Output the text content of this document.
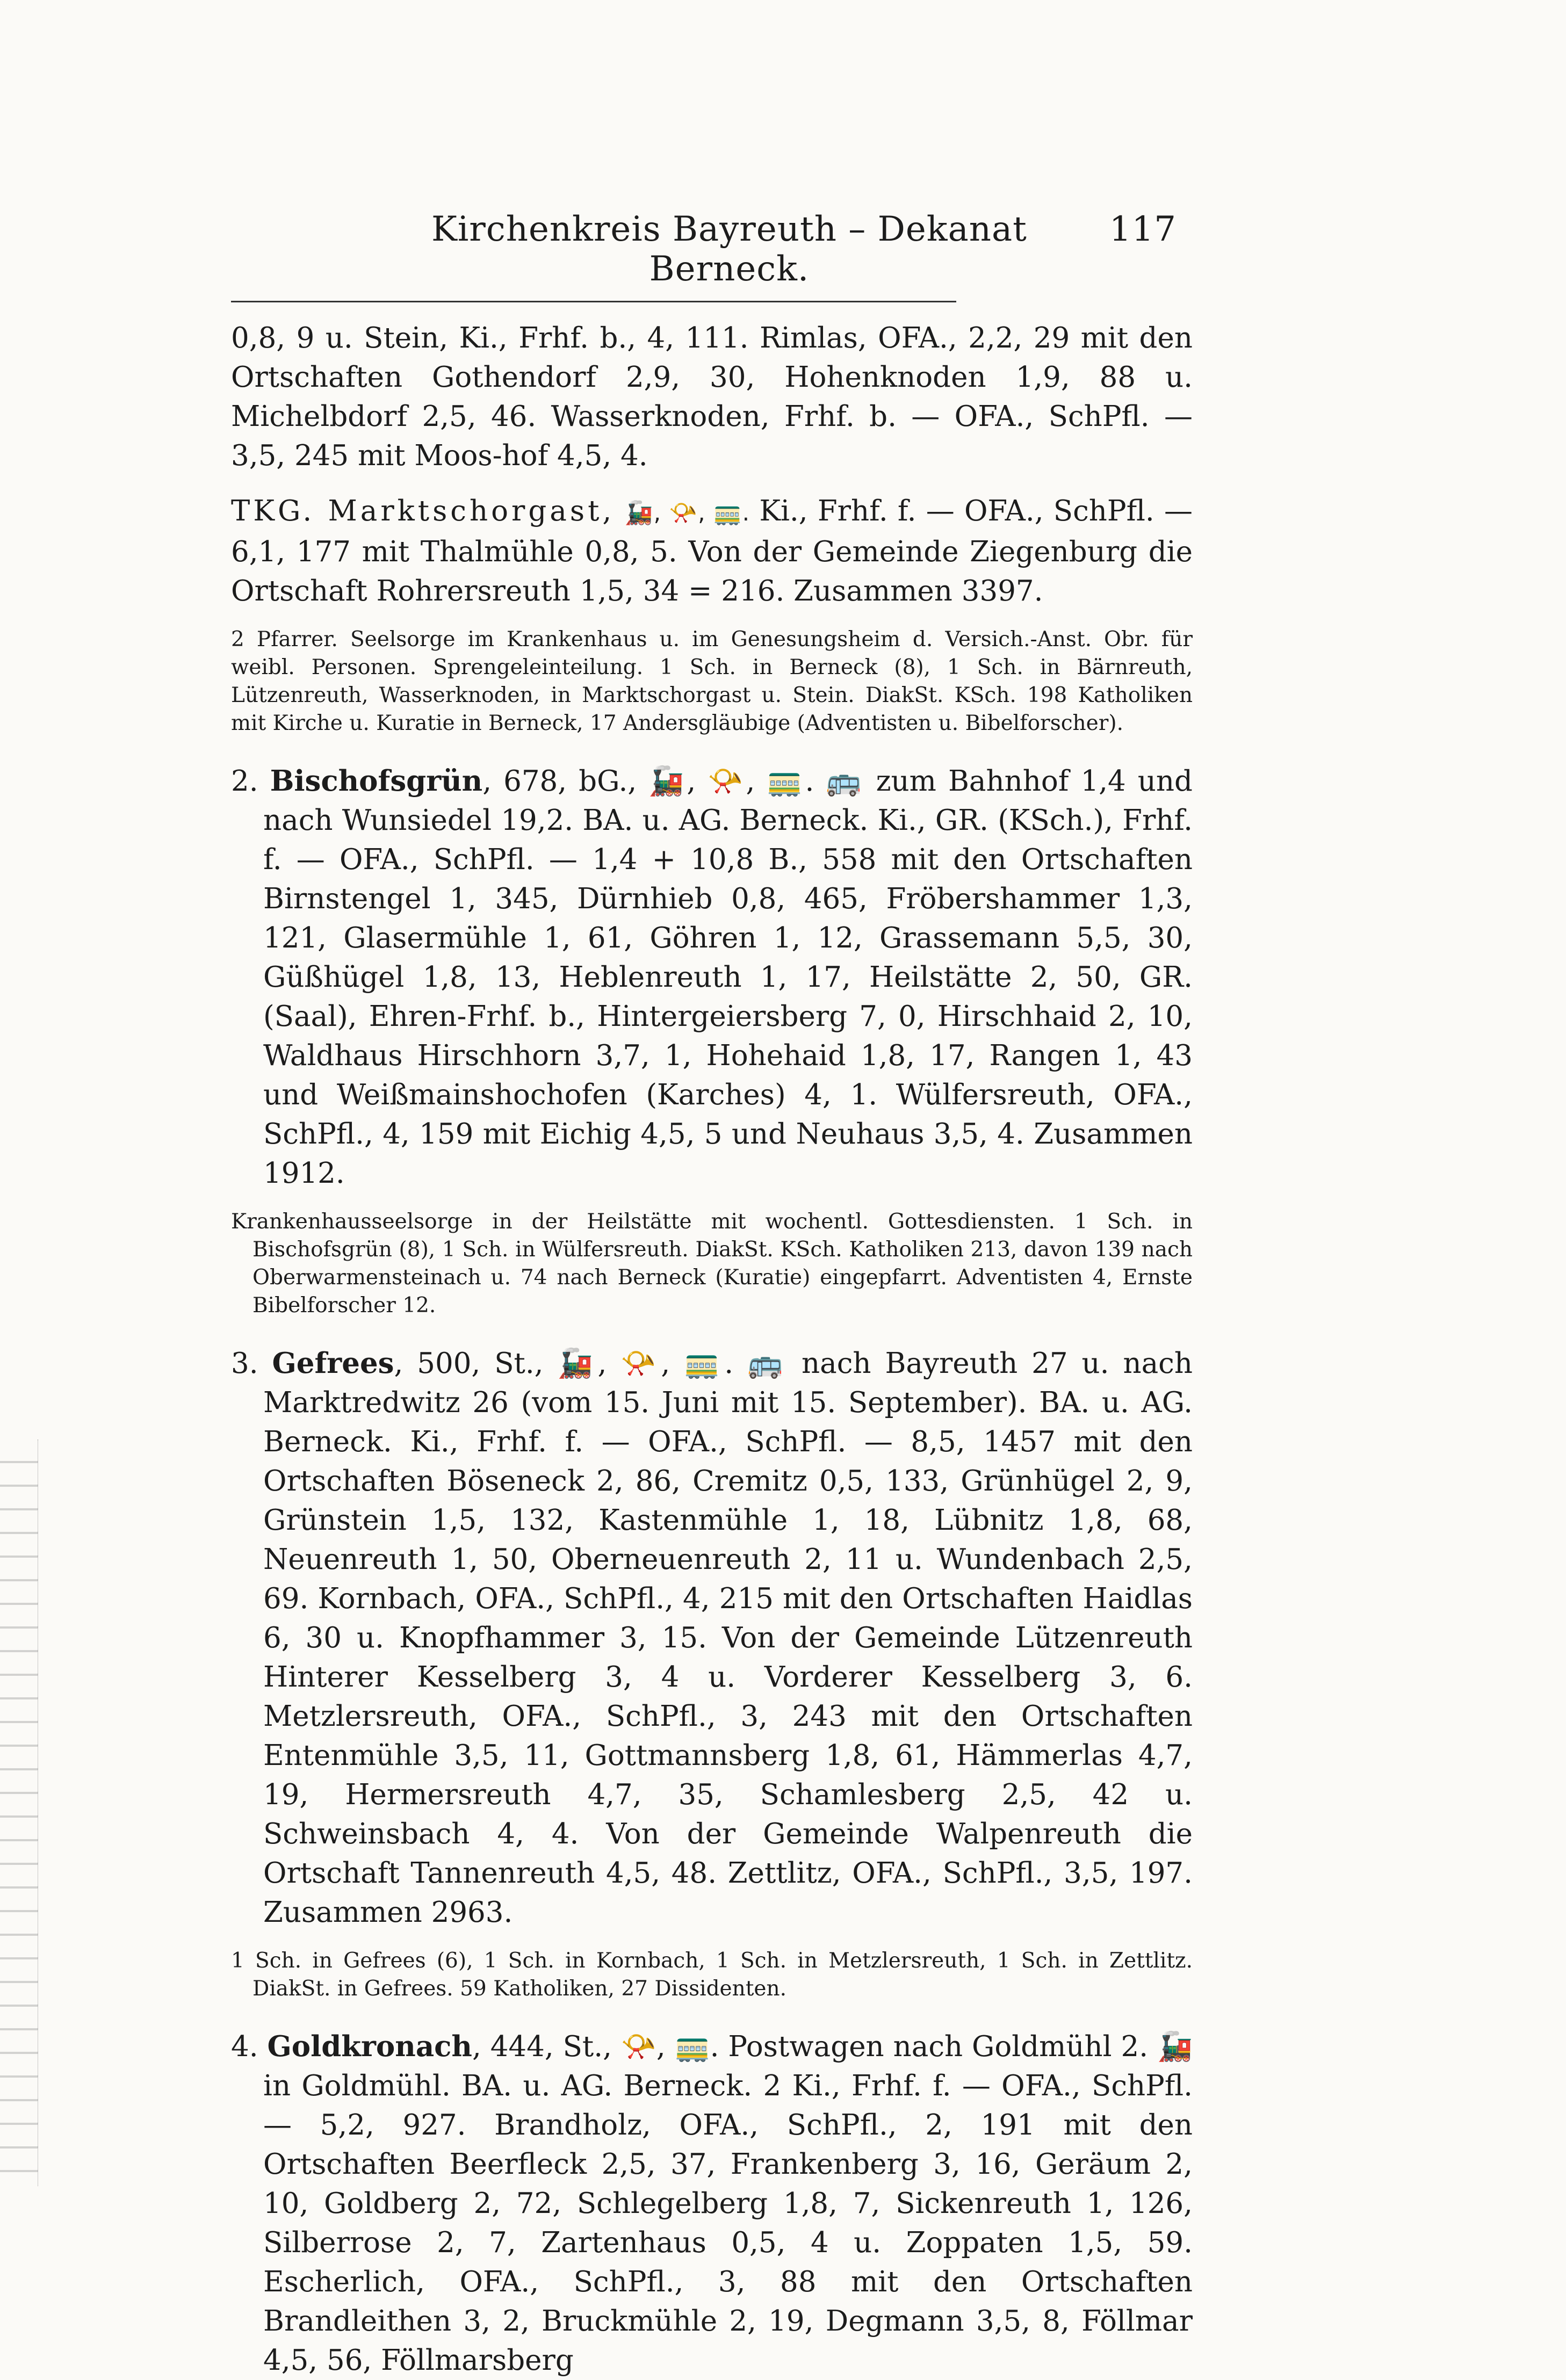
Kirchenkreis Bayreuth – Dekanat Berneck.
117

0,8, 9 u. Stein, Ki., Frhf. b., 4, 111. Rimlas, OFA., 2,2, 29 mit den Ortschaften Gothendorf 2,9, 30, Hohenknoden 1,9, 88 u. Michelbdorf 2,5, 46. Wasserknoden, Frhf. b. — OFA., SchPfl. — 3,5, 245 mit Moos-hof 4,5, 4.

TKG. Marktschorgast, 🚂, 📯, 🚃. Ki., Frhf. f. — OFA., SchPfl. — 6,1, 177 mit Thalmühle 0,8, 5. Von der Gemeinde Ziegenburg die Ortschaft Rohrersreuth 1,5, 34 = 216. Zusammen 3397.

2 Pfarrer. Seelsorge im Krankenhaus u. im Genesungsheim d. Versich.-Anst. Obr. für weibl. Personen. Sprengeleinteilung. 1 Sch. in Berneck (8), 1 Sch. in Bärnreuth, Lützenreuth, Wasserknoden, in Marktschorgast u. Stein. DiakSt. KSch. 198 Katholiken mit Kirche u. Kuratie in Berneck, 17 Andersgläubige (Adventisten u. Bibelforscher).

2. Bischofsgrün, 678, bG., 🚂, 📯, 🚃. 🚌 zum Bahnhof 1,4 und nach Wunsiedel 19,2. BA. u. AG. Berneck. Ki., GR. (KSch.), Frhf. f. — OFA., SchPfl. — 1,4 + 10,8 B., 558 mit den Ortschaften Birnstengel 1, 345, Dürnhieb 0,8, 465, Fröbershammer 1,3, 121, Glasermühle 1, 61, Göhren 1, 12, Grassemann 5,5, 30, Güßhügel 1,8, 13, Heblenreuth 1, 17, Heilstätte 2, 50, GR. (Saal), Ehren-Frhf. b., Hintergeiersberg 7, 0, Hirschhaid 2, 10, Waldhaus Hirschhorn 3,7, 1, Hohehaid 1,8, 17, Rangen 1, 43 und Weißmainshochofen (Karches) 4, 1. Wülfersreuth, OFA., SchPfl., 4, 159 mit Eichig 4,5, 5 und Neuhaus 3,5, 4. Zusammen 1912.

Krankenhausseelsorge in der Heilstätte mit wochentl. Gottesdiensten. 1 Sch. in Bischofsgrün (8), 1 Sch. in Wülfersreuth. DiakSt. KSch. Katholiken 213, davon 139 nach Oberwarmensteinach u. 74 nach Berneck (Kuratie) eingepfarrt. Adventisten 4, Ernste Bibelforscher 12.

3. Gefrees, 500, St., 🚂, 📯, 🚃. 🚌 nach Bayreuth 27 u. nach Marktredwitz 26 (vom 15. Juni mit 15. September). BA. u. AG. Berneck. Ki., Frhf. f. — OFA., SchPfl. — 8,5, 1457 mit den Ortschaften Böseneck 2, 86, Cremitz 0,5, 133, Grünhügel 2, 9, Grünstein 1,5, 132, Kastenmühle 1, 18, Lübnitz 1,8, 68, Neuenreuth 1, 50, Oberneuenreuth 2, 11 u. Wundenbach 2,5, 69. Kornbach, OFA., SchPfl., 4, 215 mit den Ortschaften Haidlas 6, 30 u. Knopfhammer 3, 15. Von der Gemeinde Lützenreuth Hinterer Kesselberg 3, 4 u. Vorderer Kesselberg 3, 6. Metzlersreuth, OFA., SchPfl., 3, 243 mit den Ortschaften Entenmühle 3,5, 11, Gottmannsberg 1,8, 61, Hämmerlas 4,7, 19, Hermersreuth 4,7, 35, Schamlesberg 2,5, 42 u. Schweinsbach 4, 4. Von der Gemeinde Walpenreuth die Ortschaft Tannenreuth 4,5, 48. Zettlitz, OFA., SchPfl., 3,5, 197. Zusammen 2963.

1 Sch. in Gefrees (6), 1 Sch. in Kornbach, 1 Sch. in Metzlersreuth, 1 Sch. in Zettlitz. DiakSt. in Gefrees. 59 Katholiken, 27 Dissidenten.

4. Goldkronach, 444, St., 📯, 🚃. Postwagen nach Goldmühl 2. 🚂 in Goldmühl. BA. u. AG. Berneck. 2 Ki., Frhf. f. — OFA., SchPfl. — 5,2, 927. Brandholz, OFA., SchPfl., 2, 191 mit den Ortschaften Beerfleck 2,5, 37, Frankenberg 3, 16, Geräum 2, 10, Goldberg 2, 72, Schlegelberg 1,8, 7, Sickenreuth 1, 126, Silberrose 2, 7, Zartenhaus 0,5, 4 u. Zoppaten 1,5, 59. Escherlich, OFA., SchPfl., 3, 88 mit den Ortschaften Brandleithen 3, 2, Bruckmühle 2, 19, Degmann 3,5, 8, Föllmar 4,5, 56, Föllmarsberg
